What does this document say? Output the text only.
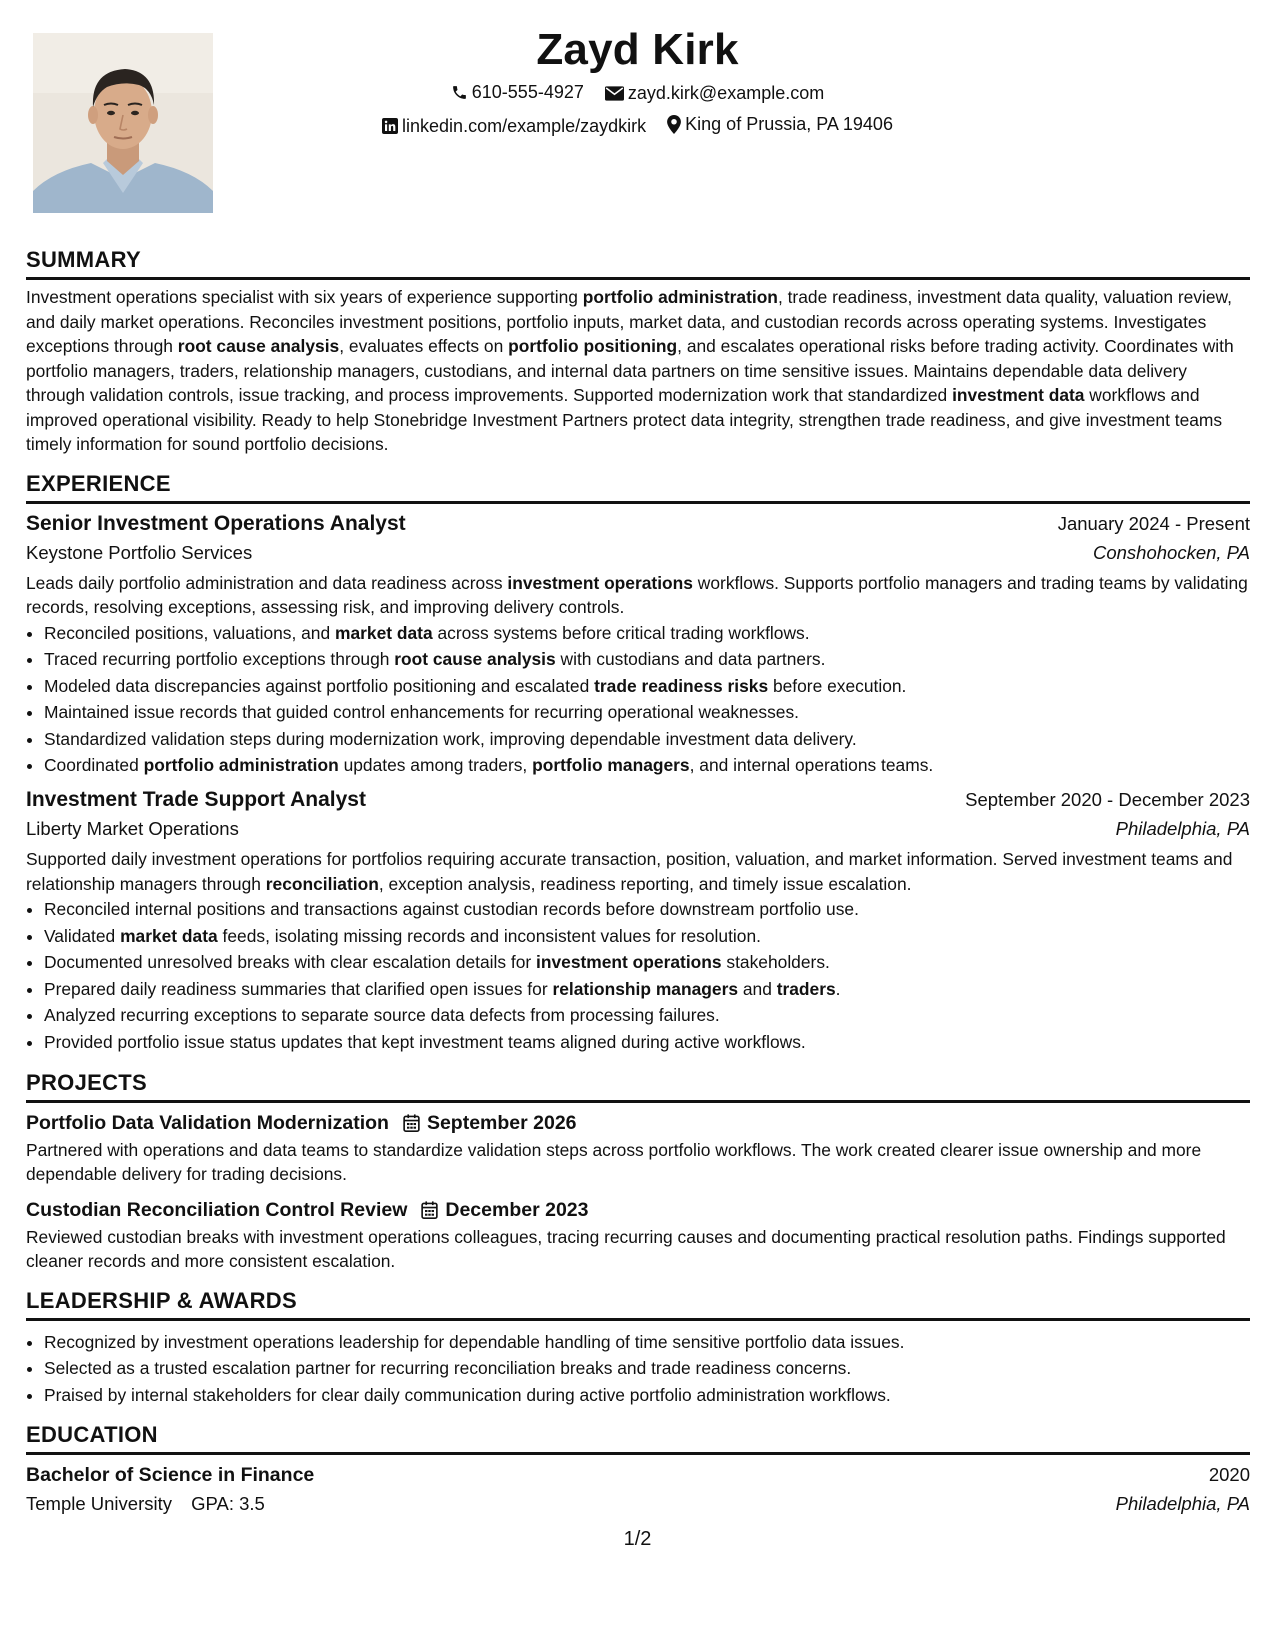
Zayd Kirk
610-555-4927
zayd.kirk@example.com
linkedin.com/example/zaydkirk
King of Prussia, PA 19406
SUMMARY

Investment operations specialist with six years of experience supporting portfolio administration, trade readiness, investment data quality, valuation review, and daily market operations. Reconciles investment positions, portfolio inputs, market data, and custodian records across operating systems. Investigates exceptions through root cause analysis, evaluates effects on portfolio positioning, and escalates operational risks before trading activity. Coordinates with portfolio managers, traders, relationship managers, custodians, and internal data partners on time sensitive issues. Maintains dependable data delivery through validation controls, issue tracking, and process improvements. Supported modernization work that standardized investment data workflows and improved operational visibility. Ready to help Stonebridge Investment Partners protect data integrity, strengthen trade readiness, and give investment teams timely information for sound portfolio decisions.

EXPERIENCE
Senior Investment Operations Analyst	January 2024 - Present
Keystone Portfolio Services	Conshohocken, PA

Leads daily portfolio administration and data readiness across investment operations workflows. Supports portfolio managers and trading teams by validating records, resolving exceptions, assessing risk, and improving delivery controls.

• Reconciled positions, valuations, and market data across systems before critical trading workflows.
• Traced recurring portfolio exceptions through root cause analysis with custodians and data partners.
• Modeled data discrepancies against portfolio positioning and escalated trade readiness risks before execution.
• Maintained issue records that guided control enhancements for recurring operational weaknesses.
• Standardized validation steps during modernization work, improving dependable investment data delivery.
• Coordinated portfolio administration updates among traders, portfolio managers, and internal operations teams.
Investment Trade Support Analyst	September 2020 - December 2023
Liberty Market Operations	Philadelphia, PA

Supported daily investment operations for portfolios requiring accurate transaction, position, valuation, and market information. Served investment teams and relationship managers through reconciliation, exception analysis, readiness reporting, and timely issue escalation.

• Reconciled internal positions and transactions against custodian records before downstream portfolio use.
• Validated market data feeds, isolating missing records and inconsistent values for resolution.
• Documented unresolved breaks with clear escalation details for investment operations stakeholders.
• Prepared daily readiness summaries that clarified open issues for relationship managers and traders.
• Analyzed recurring exceptions to separate source data defects from processing failures.
• Provided portfolio issue status updates that kept investment teams aligned during active workflows.
PROJECTS
Portfolio Data Validation Modernization September 2026

Partnered with operations and data teams to standardize validation steps across portfolio workflows. The work created clearer issue ownership and more dependable delivery for trading decisions.

Custodian Reconciliation Control Review December 2023

Reviewed custodian breaks with investment operations colleagues, tracing recurring causes and documenting practical resolution paths. Findings supported cleaner records and more consistent escalation.

LEADERSHIP & AWARDS
• Recognized by investment operations leadership for dependable handling of time sensitive portfolio data issues.
• Selected as a trusted escalation partner for recurring reconciliation breaks and trade readiness concerns.
• Praised by internal stakeholders for clear daily communication during active portfolio administration workflows.
EDUCATION
Bachelor of Science in Finance	2020
Temple University GPA: 3.5	Philadelphia, PA
1/2
